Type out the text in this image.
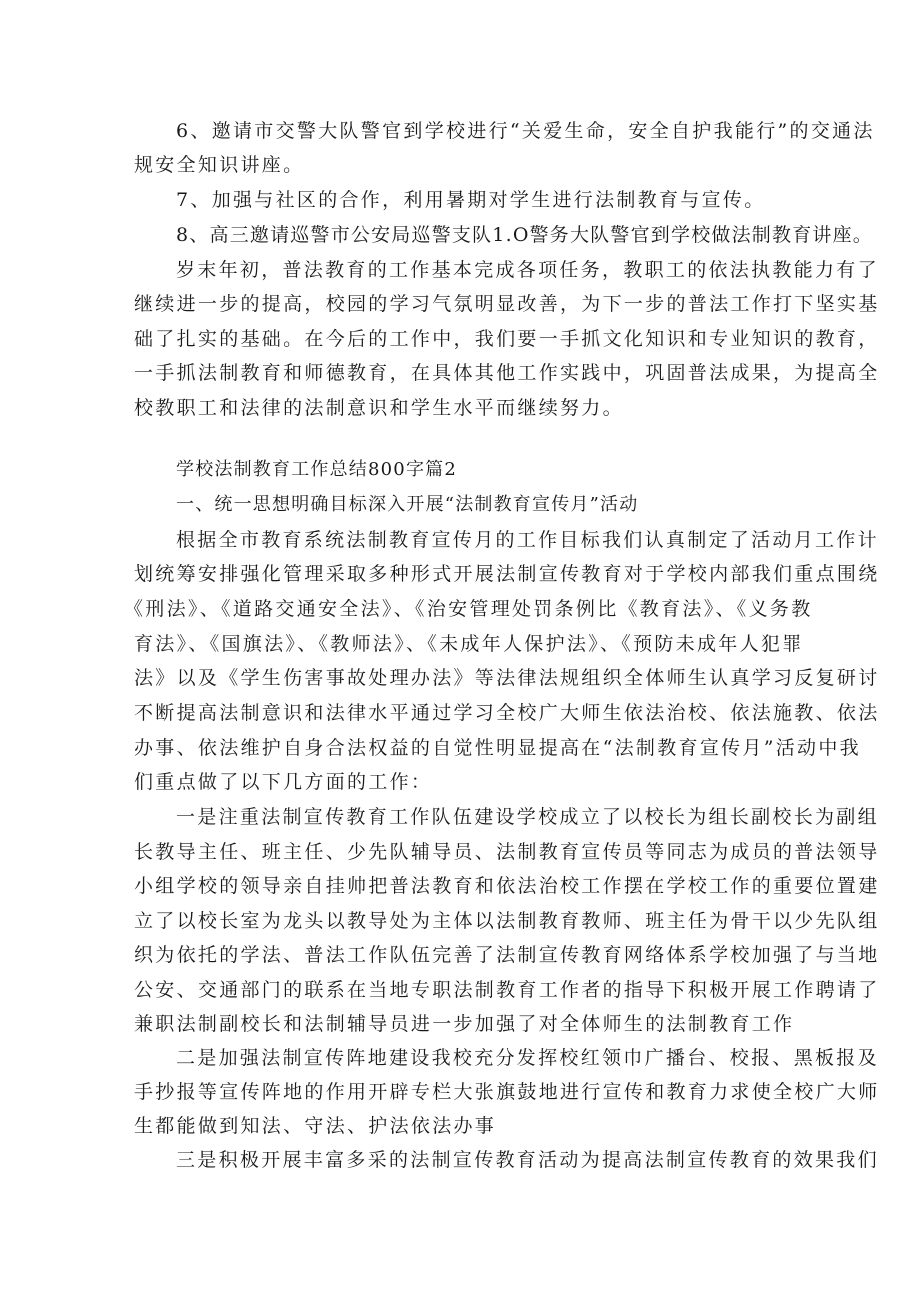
6、邀请市交警大队警官到学校进行“关爱生命，安全自护我能行”的交通法
规安全知识讲座。
7、加强与社区的合作，利用暑期对学生进行法制教育与宣传。
8、高三邀请巡警市公安局巡警支队1.O警务大队警官到学校做法制教育讲座。
岁末年初，普法教育的工作基本完成各项任务，教职工的依法执教能力有了
继续进一步的提高，校园的学习气氛明显改善，为下一步的普法工作打下坚实基
础了扎实的基础。在今后的工作中，我们要一手抓文化知识和专业知识的教育，
一手抓法制教育和师德教育，在具体其他工作实践中，巩固普法成果，为提高全
校教职工和法律的法制意识和学生水平而继续努力。
学校法制教育工作总结800字篇2
一、统一思想明确目标深入开展“法制教育宣传月”活动
根据全市教育系统法制教育宣传月的工作目标我们认真制定了活动月工作计
划统筹安排强化管理采取多种形式开展法制宣传教育对于学校内部我们重点围绕
《刑法》、《道路交通安全法》、《治安管理处罚条例比《教育法》、《义务教
育法》、《国旗法》、《教师法》、《未成年人保护法》、《预防未成年人犯罪
法》以及《学生伤害事故处理办法》等法律法规组织全体师生认真学习反复研讨
不断提高法制意识和法律水平通过学习全校广大师生依法治校、依法施教、依法
办事、依法维护自身合法权益的自觉性明显提高在“法制教育宣传月”活动中我
们重点做了以下几方面的工作：
一是注重法制宣传教育工作队伍建设学校成立了以校长为组长副校长为副组
长教导主任、班主任、少先队辅导员、法制教育宣传员等同志为成员的普法领导
小组学校的领导亲自挂帅把普法教育和依法治校工作摆在学校工作的重要位置建
立了以校长室为龙头以教导处为主体以法制教育教师、班主任为骨干以少先队组
织为依托的学法、普法工作队伍完善了法制宣传教育网络体系学校加强了与当地
公安、交通部门的联系在当地专职法制教育工作者的指导下积极开展工作聘请了
兼职法制副校长和法制辅导员进一步加强了对全体师生的法制教育工作
二是加强法制宣传阵地建设我校充分发挥校红领巾广播台、校报、黑板报及
手抄报等宣传阵地的作用开辟专栏大张旗鼓地进行宣传和教育力求使全校广大师
生都能做到知法、守法、护法依法办事
三是积极开展丰富多采的法制宣传教育活动为提高法制宣传教育的效果我们
